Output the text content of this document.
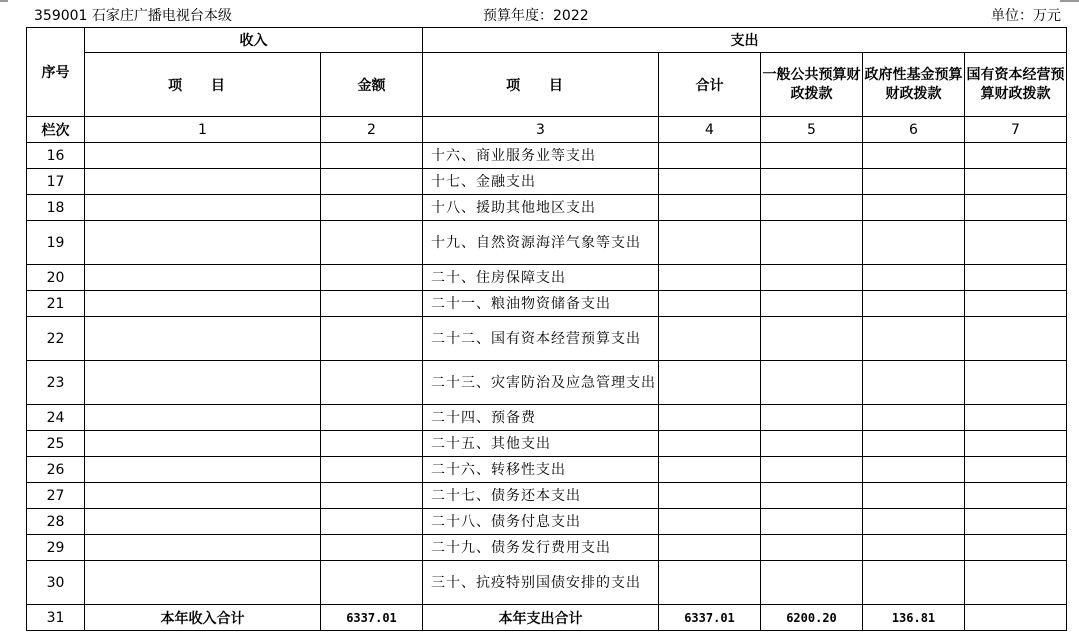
359001 石家庄广播电视台本级	预算年度：2022	单位：万元
序号	收入		支出				
	项 目	金额	项 目	合计	一般公共预算财政拨款	政府性基金预算财政拨款	国有资本经营预算财政拨款
栏次	1	2	3	4	5	6	7
16			十六、商业服务业等支出				
17			十七、金融支出				
18			十八、援助其他地区支出				
19			十九、自然资源海洋气象等支出				
20			二十、住房保障支出				
21			二十一、粮油物资储备支出				
22			二十二、国有资本经营预算支出				
23			二十三、灾害防治及应急管理支出				
24			二十四、预备费				
25			二十五、其他支出				
26			二十六、转移性支出				
27			二十七、债务还本支出				
28			二十八、债务付息支出				
29			二十九、债务发行费用支出				
30			三十、抗疫特别国债安排的支出				
31	本年收入合计	6337.01	本年支出合计	6337.01	6200.20	136.81	
